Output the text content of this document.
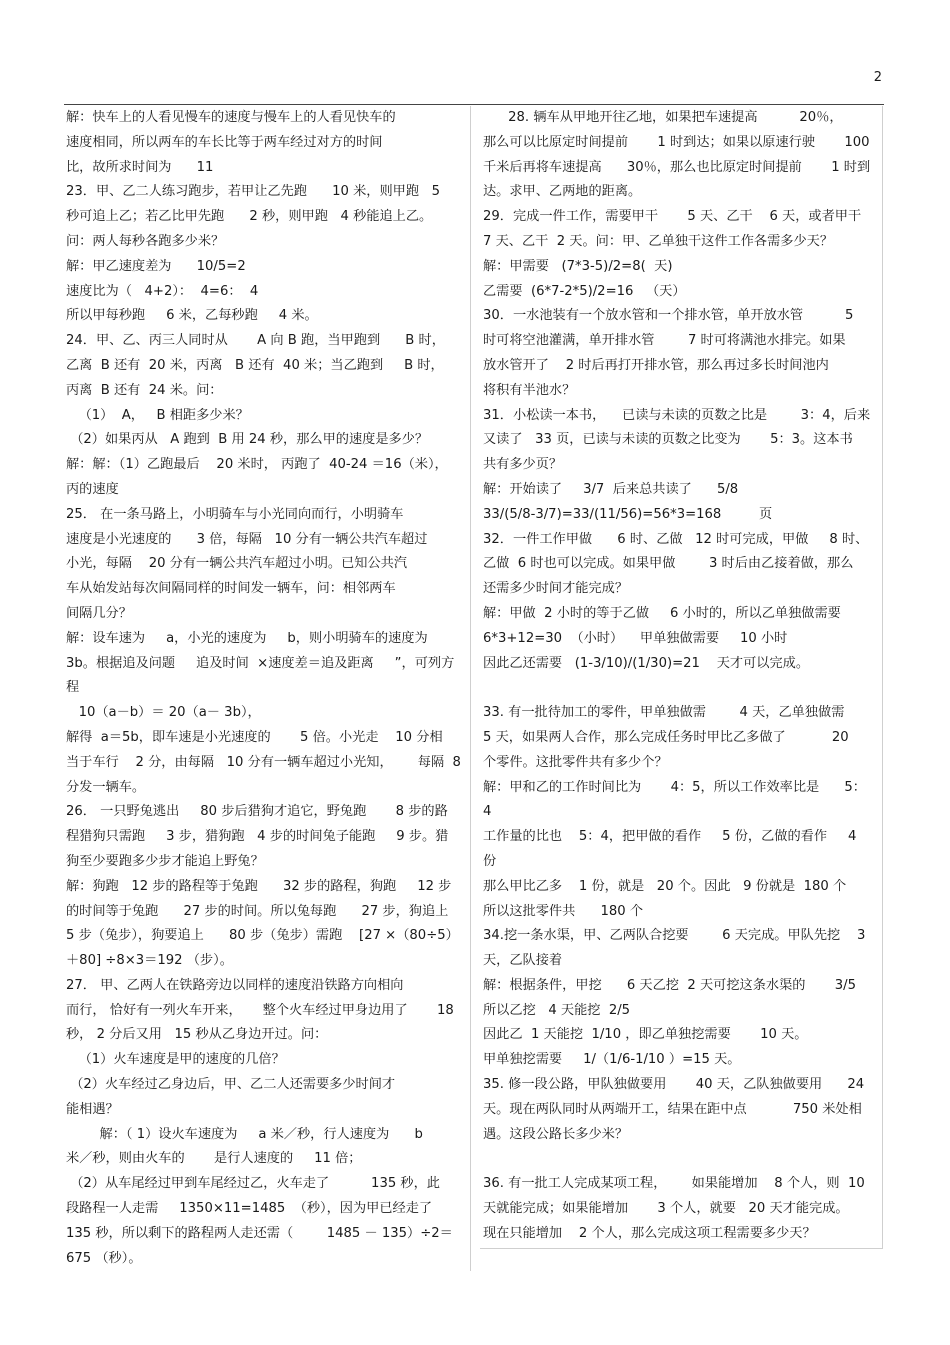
2
解：快车上的人看见慢车的速度与慢车上的人看见快车的
速度相同，所以两车的车长比等于两车经过对方的时间
比，故所求时间为      11
23．甲、乙二人练习跑步，若甲让乙先跑      10 米，则甲跑   5
秒可追上乙；若乙比甲先跑      2 秒，则甲跑   4 秒能追上乙。
问：两人每秒各跑多少米？
解：甲乙速度差为      10/5=2
速度比为（   4+2）：  4=6：  4
所以甲每秒跑     6 米，乙每秒跑     4 米。
24．甲、乙、丙三人同时从       A 向 B 跑，当甲跑到      B 时，
乙离  B 还有  20 米，丙离   B 还有  40 米；当乙跑到     B 时，
丙离  B 还有  24 米。问：
（1）  A，   B 相距多少米？
（2）如果丙从   A 跑到  B 用 24 秒，那么甲的速度是多少？
解：解：（1）乙跑最后    20 米时， 丙跑了  40-24 ＝16（米），
丙的速度
25． 在一条马路上，小明骑车与小光同向而行，小明骑车
速度是小光速度的      3 倍，每隔   10 分有一辆公共汽车超过
小光，每隔    20 分有一辆公共汽车超过小明。已知公共汽
车从始发站每次间隔同样的时间发一辆车，问：相邻两车
间隔几分？
解：设车速为     a，小光的速度为     b，则小明骑车的速度为
3b。根据追及问题     追及时间  ×速度差＝追及距离     ”，可列方
程
10（a－b）＝ 20（a－ 3b），
解得  a＝5b，即车速是小光速度的       5 倍。小光走    10 分相
当于车行    2 分，由每隔   10 分有一辆车超过小光知，      每隔  8
分发一辆车。
26． 一只野兔逃出     80 步后猎狗才追它，野兔跑       8 步的路
程猎狗只需跑     3 步，猎狗跑   4 步的时间兔子能跑     9 步。猎
狗至少要跑多少步才能追上野兔？
解：狗跑   12 步的路程等于兔跑      32 步的路程，狗跑     12 步
的时间等于兔跑      27 步的时间。所以兔每跑      27 步，狗追上
5 步（兔步），狗要追上      80 步（兔步）需跑    [27 ×（80÷5）
＋80] ÷8×3＝192 （步）。
27． 甲、乙两人在铁路旁边以同样的速度沿铁路方向相向
而行， 恰好有一列火车开来，     整个火车经过甲身边用了       18
秒， 2 分后又用   15 秒从乙身边开过。问：
（1）火车速度是甲的速度的几倍？
（2）火车经过乙身边后，甲、乙二人还需要多少时间才
能相遇？
解：（ 1）设火车速度为     a 米／秒，行人速度为      b
米／秒，则由火车的       是行人速度的     11 倍；
（2）从车尾经过甲到车尾经过乙，火车走了          135 秒，此
段路程一人走需     1350×11=1485  （秒），因为甲已经走了
135 秒，所以剩下的路程两人走还需（        1485 － 135）÷2＝
675 （秒）。
28. 辆车从甲地开往乙地，如果把车速提高          20％，
那么可以比原定时间提前       1 时到达；如果以原速行驶       100
千米后再将车速提高      30％，那么也比原定时间提前       1 时到
达。求甲、乙两地的距离。
29．完成一件工作，需要甲干       5 天、乙干    6 天，或者甲干
7 天、乙干  2 天。问：甲、乙单独干这件工作各需多少天？
解：甲需要   (7*3-5)/2=8(  天)
乙需要  (6*7-2*5)/2=16   （天）
30．一水池装有一个放水管和一个排水管，单开放水管          5
时可将空池灌满，单开排水管        7 时可将满池水排完。如果
放水管开了    2 时后再打开排水管，那么再过多长时间池内
将积有半池水？
31．小松读一本书，    已读与未读的页数之比是        3：4，后来
又读了   33 页，已读与未读的页数之比变为       5：3。这本书
共有多少页？
解：开始读了     3/7  后来总共读了      5/8
33/(5/8-3/7)=33/(11/56)=56*3=168         页
32．一件工作甲做      6 时、乙做   12 时可完成，甲做     8 时、
乙做  6 时也可以完成。如果甲做        3 时后由乙接着做，那么
还需多少时间才能完成？
解：甲做  2 小时的等于乙做     6 小时的，所以乙单独做需要
6*3+12=30  （小时）    甲单独做需要     10 小时
因此乙还需要   (1-3/10)/(1/30)=21    天才可以完成。
33. 有一批待加工的零件，甲单独做需        4 天，乙单独做需
5 天，如果两人合作，那么完成任务时甲比乙多做了           20
个零件。这批零件共有多少个？
解：甲和乙的工作时间比为       4：5，所以工作效率比是      5：
4
工作量的比也    5：4，把甲做的看作     5 份，乙做的看作     4
份
那么甲比乙多    1 份，就是   20 个。因此   9 份就是  180 个
所以这批零件共      180 个
34.挖一条水渠，甲、乙两队合挖要        6 天完成。甲队先挖    3
天，乙队接着
解：根据条件，甲挖      6 天乙挖  2 天可挖这条水渠的       3/5
所以乙挖   4 天能挖  2/5
因此乙  1 天能挖  1/10 ，即乙单独挖需要       10 天。
甲单独挖需要     1/（1/6-1/10 ）=15 天。
35. 修一段公路，甲队独做要用       40 天，乙队独做要用      24
天。现在两队同时从两端开工，结果在距中点           750 米处相
遇。这段公路长多少米？
36. 有一批工人完成某项工程，      如果能增加    8 个人，则  10
天就能完成；如果能增加       3 个人，就要   20 天才能完成。
现在只能增加    2 个人，那么完成这项工程需要多少天？
